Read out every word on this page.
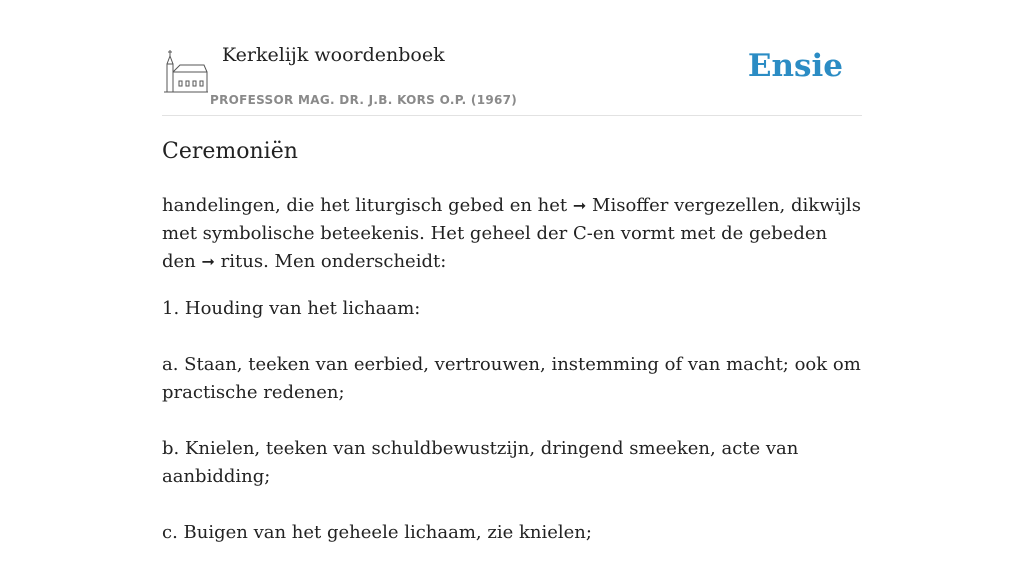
Kerkelijk woordenboek
PROFESSOR MAG. DR. J.B. KORS O.P. (1967)
Ensie
Ceremoniën

handelingen, die het liturgisch gebed en het ➞ Misoffer vergezellen, dikwijls met symbolische beteekenis. Het geheel der C-en vormt met de gebeden den ➞ ritus. Men onderscheidt:

1. Houding van het lichaam:

a. Staan, teeken van eerbied, vertrouwen, instemming of van macht; ook om practische redenen;

b. Knielen, teeken van schuldbewustzijn, dringend smeeken, acte van aanbidding;

c. Buigen van het geheele lichaam, zie knielen;
